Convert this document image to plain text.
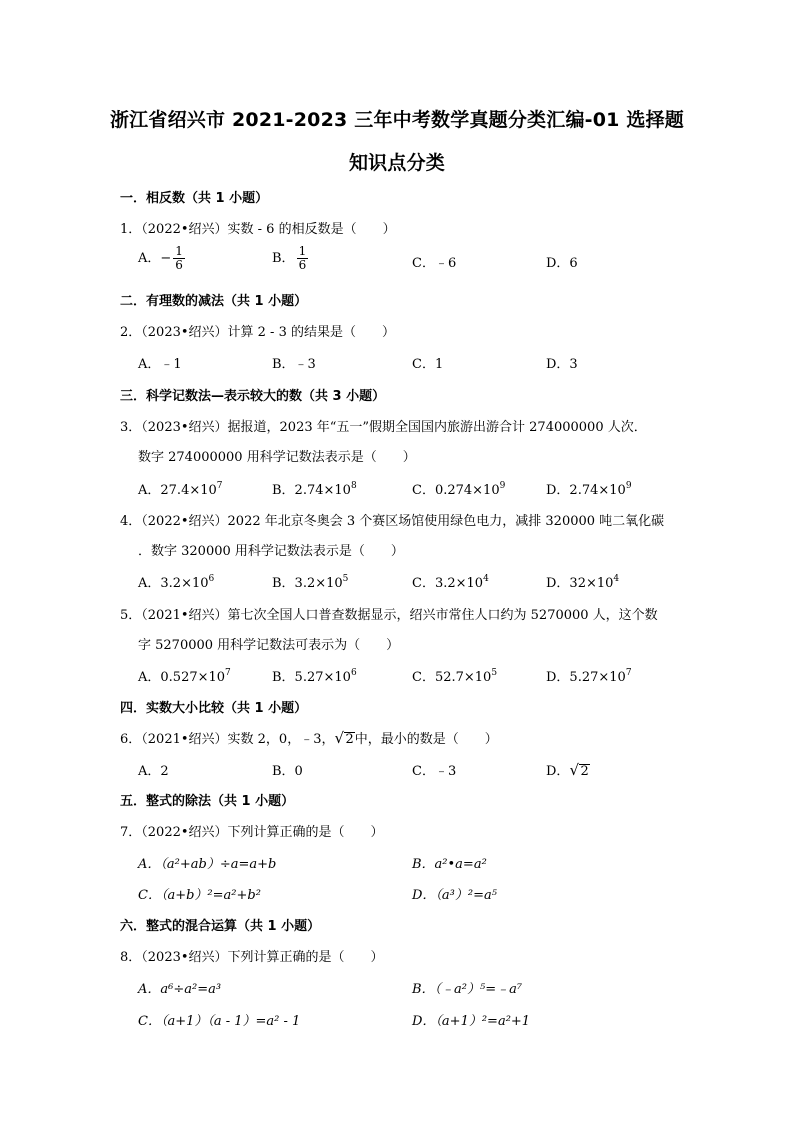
浙江省绍兴市 2021-2023 三年中考数学真题分类汇编-01 选择题
知识点分类
一．相反数（共 1 小题）
1．（2022•绍兴）实数 - 6 的相反数是（　　）
A．− $\frac{1}{6}$	B． $\frac{1}{6}$	C．﹣6	D．6
二．有理数的减法（共 1 小题）
2．（2023•绍兴）计算 2 - 3 的结果是（　　）
A．﹣1	B．﹣3	C．1	D．3
三．科学记数法—表示较大的数（共 3 小题）
3．（2023•绍兴）据报道，2023 年“五一”假期全国国内旅游出游合计 274000000 人次．
数字 274000000 用科学记数法表示是（　　）
A．$27.4\times 10^7$	B．$2.74\times 10^8$	C．$0.274\times 10^9$	D．$2.74\times 10^9$
4．（2022•绍兴）2022 年北京冬奥会 3 个赛区场馆使用绿色电力，减排 320000 吨二氧化碳
．数字 320000 用科学记数法表示是（　　）
A．$3.2\times 10^6$	B．$3.2\times 10^5$	C．$3.2\times 10^4$	D．$32\times 10^4$
5．（2021•绍兴）第七次全国人口普查数据显示，绍兴市常住人口约为 5270000 人，这个数
字 5270000 用科学记数法可表示为（　　）
A．$0.527\times 10^7$	B．$5.27\times 10^6$	C．$52.7\times 10^5$	D．$5.27\times 10^7$
四．实数大小比较（共 1 小题）
6．（2021•绍兴）实数 2，0，﹣3， √ 2中，最小的数是（　　）
A．2	B．0	C．﹣3	D． √ 2
五．整式的除法（共 1 小题）
7．（2022•绍兴）下列计算正确的是（　　）
A．（a²+ab）÷a=a+b	B．a²•a=a²
C．（a+b）²=a²+b²	D．（a³）²=a⁵
六．整式的混合运算（共 1 小题）
8．（2023•绍兴）下列计算正确的是（　　）
A．a⁶÷a²=a³	B．（﹣a²）⁵=﹣a⁷
C．（a+1）（a - 1）=a² - 1	D．（a+1）²=a²+1
